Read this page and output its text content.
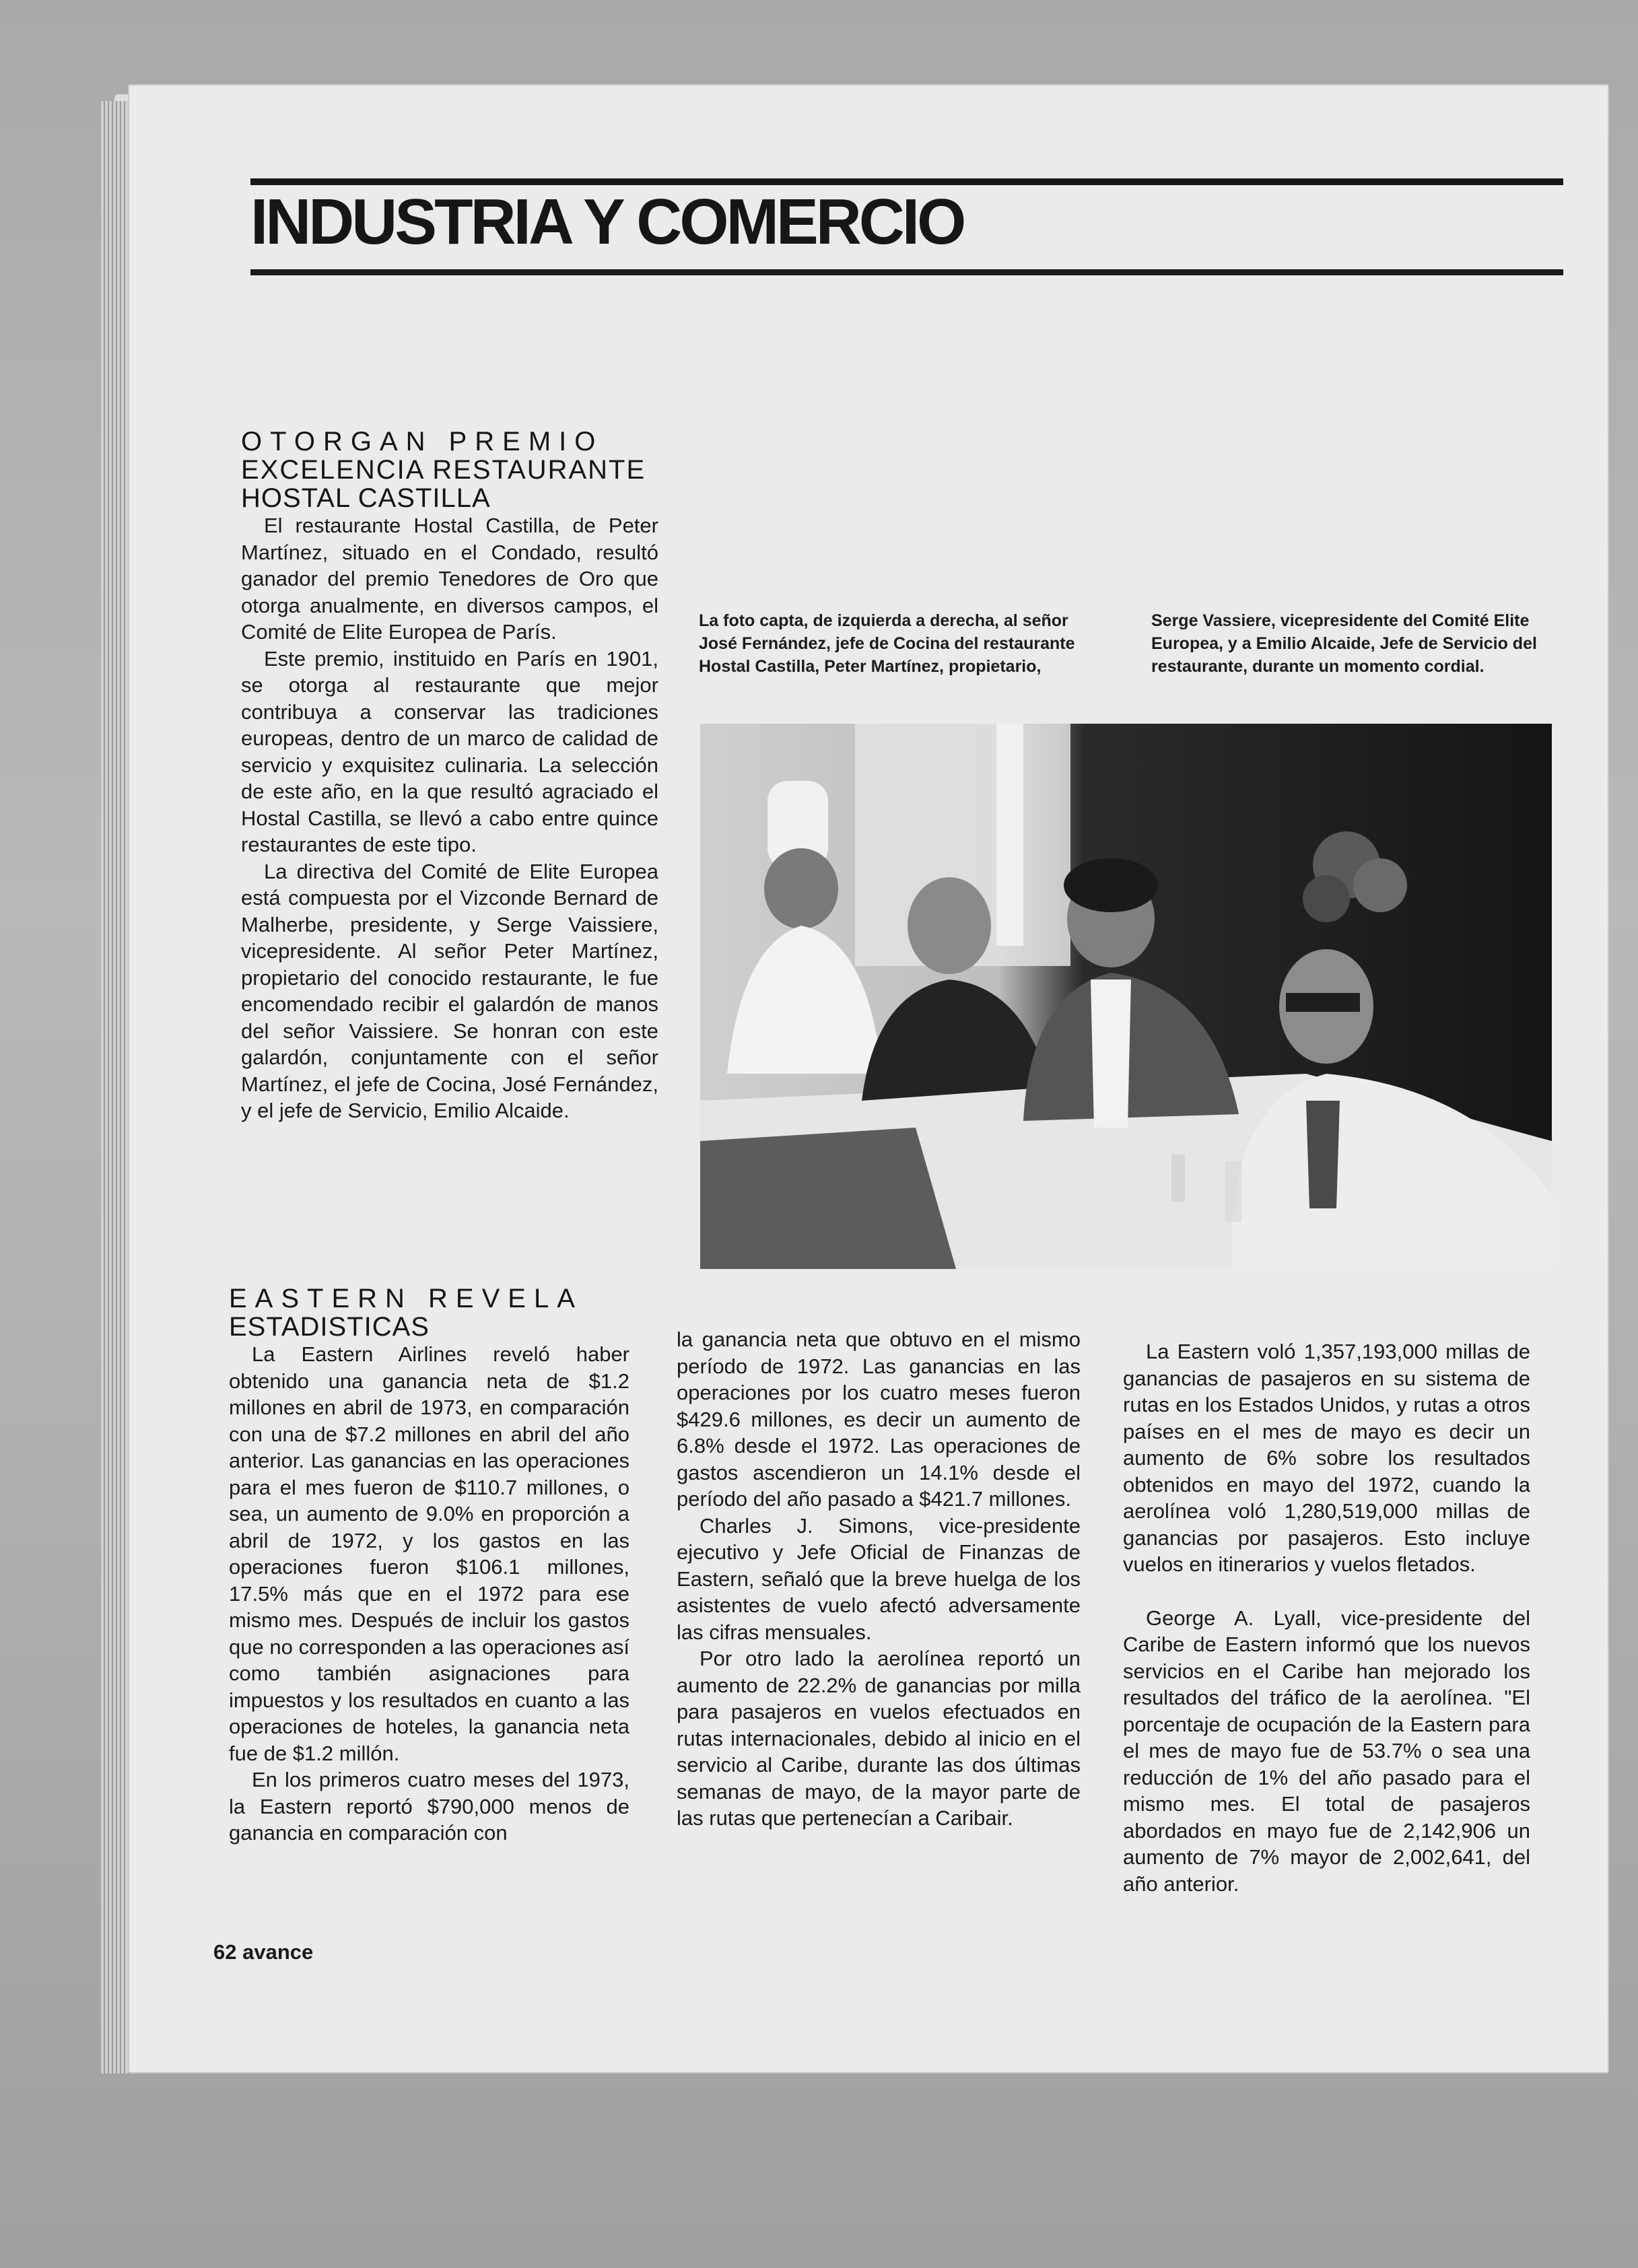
INDUSTRIA Y COMERCIO
OTORGAN PREMIO
EXCELENCIA RESTAURANTE
HOSTAL CASTILLA

El restaurante Hostal Castilla, de Peter Martínez, situado en el Condado, resultó ganador del premio Tenedores de Oro que otorga anualmente, en diversos campos, el Comité de Elite Europea de París.

Este premio, instituido en París en 1901, se otorga al restaurante que mejor contribuya a conservar las tradiciones europeas, dentro de un marco de calidad de servicio y exquisitez culinaria. La selección de este año, en la que resultó agraciado el Hostal Castilla, se llevó a cabo entre quince restaurantes de este tipo.

La directiva del Comité de Elite Europea está compuesta por el Vizconde Bernard de Malherbe, presidente, y Serge Vaissiere, vicepresidente. Al señor Peter Martínez, propietario del conocido restaurante, le fue encomendado recibir el galardón de manos del señor Vaissiere. Se honran con este galardón, conjuntamente con el señor Martínez, el jefe de Cocina, José Fernández, y el jefe de Servicio, Emilio Alcaide.

La foto capta, de izquierda a derecha, al señor José Fernández, jefe de Cocina del restaurante Hostal Castilla, Peter Martínez, propietario,

Serge Vassiere, vicepresidente del Comité Elite Europea, y a Emilio Alcaide, Jefe de Servicio del restaurante, durante un momento cordial.

EASTERN REVELA
ESTADISTICAS

La Eastern Airlines reveló haber obtenido una ganancia neta de $1.2 millones en abril de 1973, en comparación con una de $7.2 millones en abril del año anterior. Las ganancias en las operaciones para el mes fueron de $110.7 millones, o sea, un aumento de 9.0% en proporción a abril de 1972, y los gastos en las operaciones fueron $106.1 millones, 17.5% más que en el 1972 para ese mismo mes. Después de incluir los gastos que no corresponden a las operaciones así como también asignaciones para impuestos y los resultados en cuanto a las operaciones de hoteles, la ganancia neta fue de $1.2 millón.

En los primeros cuatro meses del 1973, la Eastern reportó $790,000 menos de ganancia en comparación con

la ganancia neta que obtuvo en el mismo período de 1972. Las ganancias en las operaciones por los cuatro meses fueron $429.6 millones, es decir un aumento de 6.8% desde el 1972. Las operaciones de gastos ascendieron un 14.1% desde el período del año pasado a $421.7 millones.

Charles J. Simons, vice-presidente ejecutivo y Jefe Oficial de Finanzas de Eastern, señaló que la breve huelga de los asistentes de vuelo afectó adversamente las cifras mensuales.

Por otro lado la aerolínea reportó un aumento de 22.2% de ganancias por milla para pasajeros en vuelos efectuados en rutas internacionales, debido al inicio en el servicio al Caribe, durante las dos últimas semanas de mayo, de la mayor parte de las rutas que pertenecían a Caribair.

La Eastern voló 1,357,193,000 millas de ganancias de pasajeros en su sistema de rutas en los Estados Unidos, y rutas a otros países en el mes de mayo es decir un aumento de 6% sobre los resultados obtenidos en mayo del 1972, cuando la aerolínea voló 1,280,519,000 millas de ganancias por pasajeros. Esto incluye vuelos en itinerarios y vuelos fletados.

George A. Lyall, vice-presidente del Caribe de Eastern informó que los nuevos servicios en el Caribe han mejorado los resultados del tráfico de la aerolínea. "El porcentaje de ocupación de la Eastern para el mes de mayo fue de 53.7% o sea una reducción de 1% del año pasado para el mismo mes. El total de pasajeros abordados en mayo fue de 2,142,906 un aumento de 7% mayor de 2,002,641, del año anterior.

62 avance
